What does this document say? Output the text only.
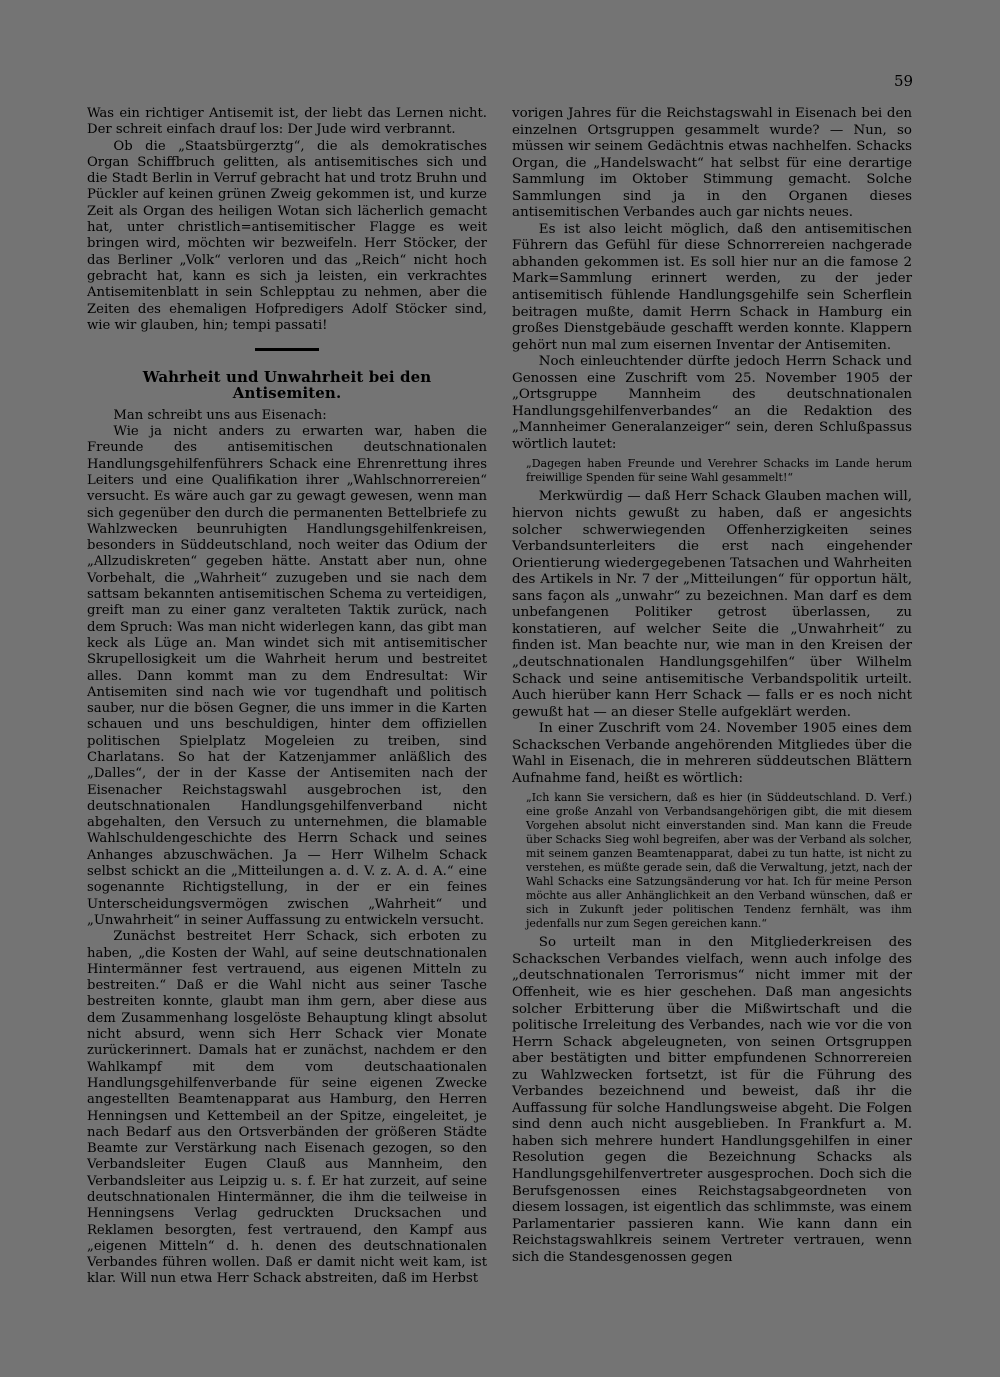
59

Was ein richtiger Antisemit ist, der liebt das Lernen nicht. Der schreit einfach drauf los: Der Jude wird verbrannt.

Ob die „Staatsbürgerztg“, die als demokratisches Organ Schiffbruch gelitten, als antisemitisches sich und die Stadt Berlin in Verruf gebracht hat und trotz Bruhn und Pückler auf keinen grünen Zweig gekommen ist, und kurze Zeit als Organ des heiligen Wotan sich lächerlich gemacht hat, unter christlich=antisemitischer Flagge es weit bringen wird, möchten wir bezweifeln. Herr Stöcker, der das Berliner „Volk“ verloren und das „Reich“ nicht hoch gebracht hat, kann es sich ja leisten, ein verkrachtes Antisemitenblatt in sein Schlepptau zu nehmen, aber die Zeiten des ehemaligen Hofpredigers Adolf Stöcker sind, wie wir glauben, hin; tempi passati!

Wahrheit und Unwahrheit bei den Antisemiten.

Man schreibt uns aus Eisenach:

Wie ja nicht anders zu erwarten war, haben die Freunde des antisemitischen deutschnationalen Handlungsgehilfenführers Schack eine Ehrenrettung ihres Leiters und eine Qualifikation ihrer „Wahlschnorrereien“ versucht. Es wäre auch gar zu gewagt gewesen, wenn man sich gegenüber den durch die permanenten Bettelbriefe zu Wahlzwecken beunruhigten Handlungsgehilfenkreisen, besonders in Süddeutschland, noch weiter das Odium der „Allzudiskreten“ gegeben hätte. Anstatt aber nun, ohne Vorbehalt, die „Wahrheit“ zuzugeben und sie nach dem sattsam bekannten antisemitischen Schema zu verteidigen, greift man zu einer ganz veralteten Taktik zurück, nach dem Spruch: Was man nicht widerlegen kann, das gibt man keck als Lüge an. Man windet sich mit antisemitischer Skrupellosigkeit um die Wahrheit herum und bestreitet alles. Dann kommt man zu dem Endresultat: Wir Antisemiten sind nach wie vor tugendhaft und politisch sauber, nur die bösen Gegner, die uns immer in die Karten schauen und uns beschuldigen, hinter dem offiziellen politischen Spielplatz Mogeleien zu treiben, sind Charlatans. So hat der Katzenjammer anläßlich des „Dalles“, der in der Kasse der Antisemiten nach der Eisenacher Reichstagswahl ausgebrochen ist, den deutschnationalen Handlungsgehilfenverband nicht abgehalten, den Versuch zu unternehmen, die blamable Wahlschuldengeschichte des Herrn Schack und seines Anhanges abzuschwächen. Ja — Herr Wilhelm Schack selbst schickt an die „Mitteilungen a. d. V. z. A. d. A.“ eine sogenannte Richtigstellung, in der er ein feines Unterscheidungsvermögen zwischen „Wahrheit“ und „Unwahrheit“ in seiner Auffassung zu entwickeln versucht.

Zunächst bestreitet Herr Schack, sich erboten zu haben, „die Kosten der Wahl, auf seine deutschnationalen Hintermänner fest vertrauend, aus eigenen Mitteln zu bestreiten.“ Daß er die Wahl nicht aus seiner Tasche bestreiten konnte, glaubt man ihm gern, aber diese aus dem Zusammenhang losgelöste Behauptung klingt absolut nicht absurd, wenn sich Herr Schack vier Monate zurückerinnert. Damals hat er zunächst, nachdem er den Wahlkampf mit dem vom deutschaationalen Handlungsgehilfenverbande für seine eigenen Zwecke angestellten Beamtenapparat aus Hamburg, den Herren Henningsen und Kettembeil an der Spitze, eingeleitet, je nach Bedarf aus den Ortsverbänden der größeren Städte Beamte zur Verstärkung nach Eisenach gezogen, so den Verbandsleiter Eugen Clauß aus Mannheim, den Verbandsleiter aus Leipzig u. s. f. Er hat zurzeit, auf seine deutschnationalen Hintermänner, die ihm die teilweise in Henningsens Verlag gedruckten Drucksachen und Reklamen besorgten, fest vertrauend, den Kampf aus „eigenen Mitteln“ d. h. denen des deutschnationalen Verbandes führen wollen. Daß er damit nicht weit kam, ist klar. Will nun etwa Herr Schack abstreiten, daß im Herbst

vorigen Jahres für die Reichstagswahl in Eisenach bei den einzelnen Ortsgruppen gesammelt wurde? — Nun, so müssen wir seinem Gedächtnis etwas nachhelfen. Schacks Organ, die „Handelswacht“ hat selbst für eine derartige Sammlung im Oktober Stimmung gemacht. Solche Sammlungen sind ja in den Organen dieses antisemitischen Verbandes auch gar nichts neues.

Es ist also leicht möglich, daß den antisemitischen Führern das Gefühl für diese Schnorrereien nachgerade abhanden gekommen ist. Es soll hier nur an die famose 2 Mark=Sammlung erinnert werden, zu der jeder antisemitisch fühlende Handlungsgehilfe sein Scherflein beitragen mußte, damit Herrn Schack in Hamburg ein großes Dienstgebäude geschafft werden konnte. Klappern gehört nun mal zum eisernen Inventar der Antisemiten.

Noch einleuchtender dürfte jedoch Herrn Schack und Genossen eine Zuschrift vom 25. November 1905 der „Ortsgruppe Mannheim des deutschnationalen Handlungsgehilfenverbandes“ an die Redaktion des „Mannheimer Generalanzeiger“ sein, deren Schlußpassus wörtlich lautet:

„Dagegen haben Freunde und Verehrer Schacks im Lande herum freiwillige Spenden für seine Wahl gesammelt!“

Merkwürdig — daß Herr Schack Glauben machen will, hiervon nichts gewußt zu haben, daß er angesichts solcher schwerwiegenden Offenherzigkeiten seines Verbandsunterleiters die erst nach eingehender Orientierung wiedergegebenen Tatsachen und Wahrheiten des Artikels in Nr. 7 der „Mitteilungen“ für opportun hält, sans façon als „unwahr“ zu bezeichnen. Man darf es dem unbefangenen Politiker getrost überlassen, zu konstatieren, auf welcher Seite die „Unwahrheit“ zu finden ist. Man beachte nur, wie man in den Kreisen der „deutschnationalen Handlungsgehilfen“ über Wilhelm Schack und seine antisemitische Verbandspolitik urteilt. Auch hierüber kann Herr Schack — falls er es noch nicht gewußt hat — an dieser Stelle aufgeklärt werden.

In einer Zuschrift vom 24. November 1905 eines dem Schackschen Verbande angehörenden Mitgliedes über die Wahl in Eisenach, die in mehreren süddeutschen Blättern Aufnahme fand, heißt es wörtlich:

„Ich kann Sie versichern, daß es hier (in Süddeutschland. D. Verf.) eine große Anzahl von Verbandsangehörigen gibt, die mit diesem Vorgehen absolut nicht einverstanden sind. Man kann die Freude über Schacks Sieg wohl begreifen, aber was der Verband als solcher, mit seinem ganzen Beamtenapparat, dabei zu tun hatte, ist nicht zu verstehen, es müßte gerade sein, daß die Verwaltung, jetzt, nach der Wahl Schacks eine Satzungsänderung vor hat. Ich für meine Person möchte aus aller Anhänglichkeit an den Verband wünschen, daß er sich in Zukunft jeder politischen Tendenz fernhält, was ihm jedenfalls nur zum Segen gereichen kann.“

So urteilt man in den Mitgliederkreisen des Schackschen Verbandes vielfach, wenn auch infolge des „deutschnationalen Terrorismus“ nicht immer mit der Offenheit, wie es hier geschehen. Daß man angesichts solcher Erbitterung über die Mißwirtschaft und die politische Irreleitung des Verbandes, nach wie vor die von Herrn Schack abgeleugneten, von seinen Ortsgruppen aber bestätigten und bitter empfundenen Schnorrereien zu Wahlzwecken fortsetzt, ist für die Führung des Verbandes bezeichnend und beweist, daß ihr die Auffassung für solche Handlungsweise abgeht. Die Folgen sind denn auch nicht ausgeblieben. In Frankfurt a. M. haben sich mehrere hundert Handlungsgehilfen in einer Resolution gegen die Bezeichnung Schacks als Handlungsgehilfenvertreter ausgesprochen. Doch sich die Berufsgenossen eines Reichstagsabgeordneten von diesem lossagen, ist eigentlich das schlimmste, was einem Parlamentarier passieren kann. Wie kann dann ein Reichstagswahlkreis seinem Vertreter vertrauen, wenn sich die Standesgenossen gegen
